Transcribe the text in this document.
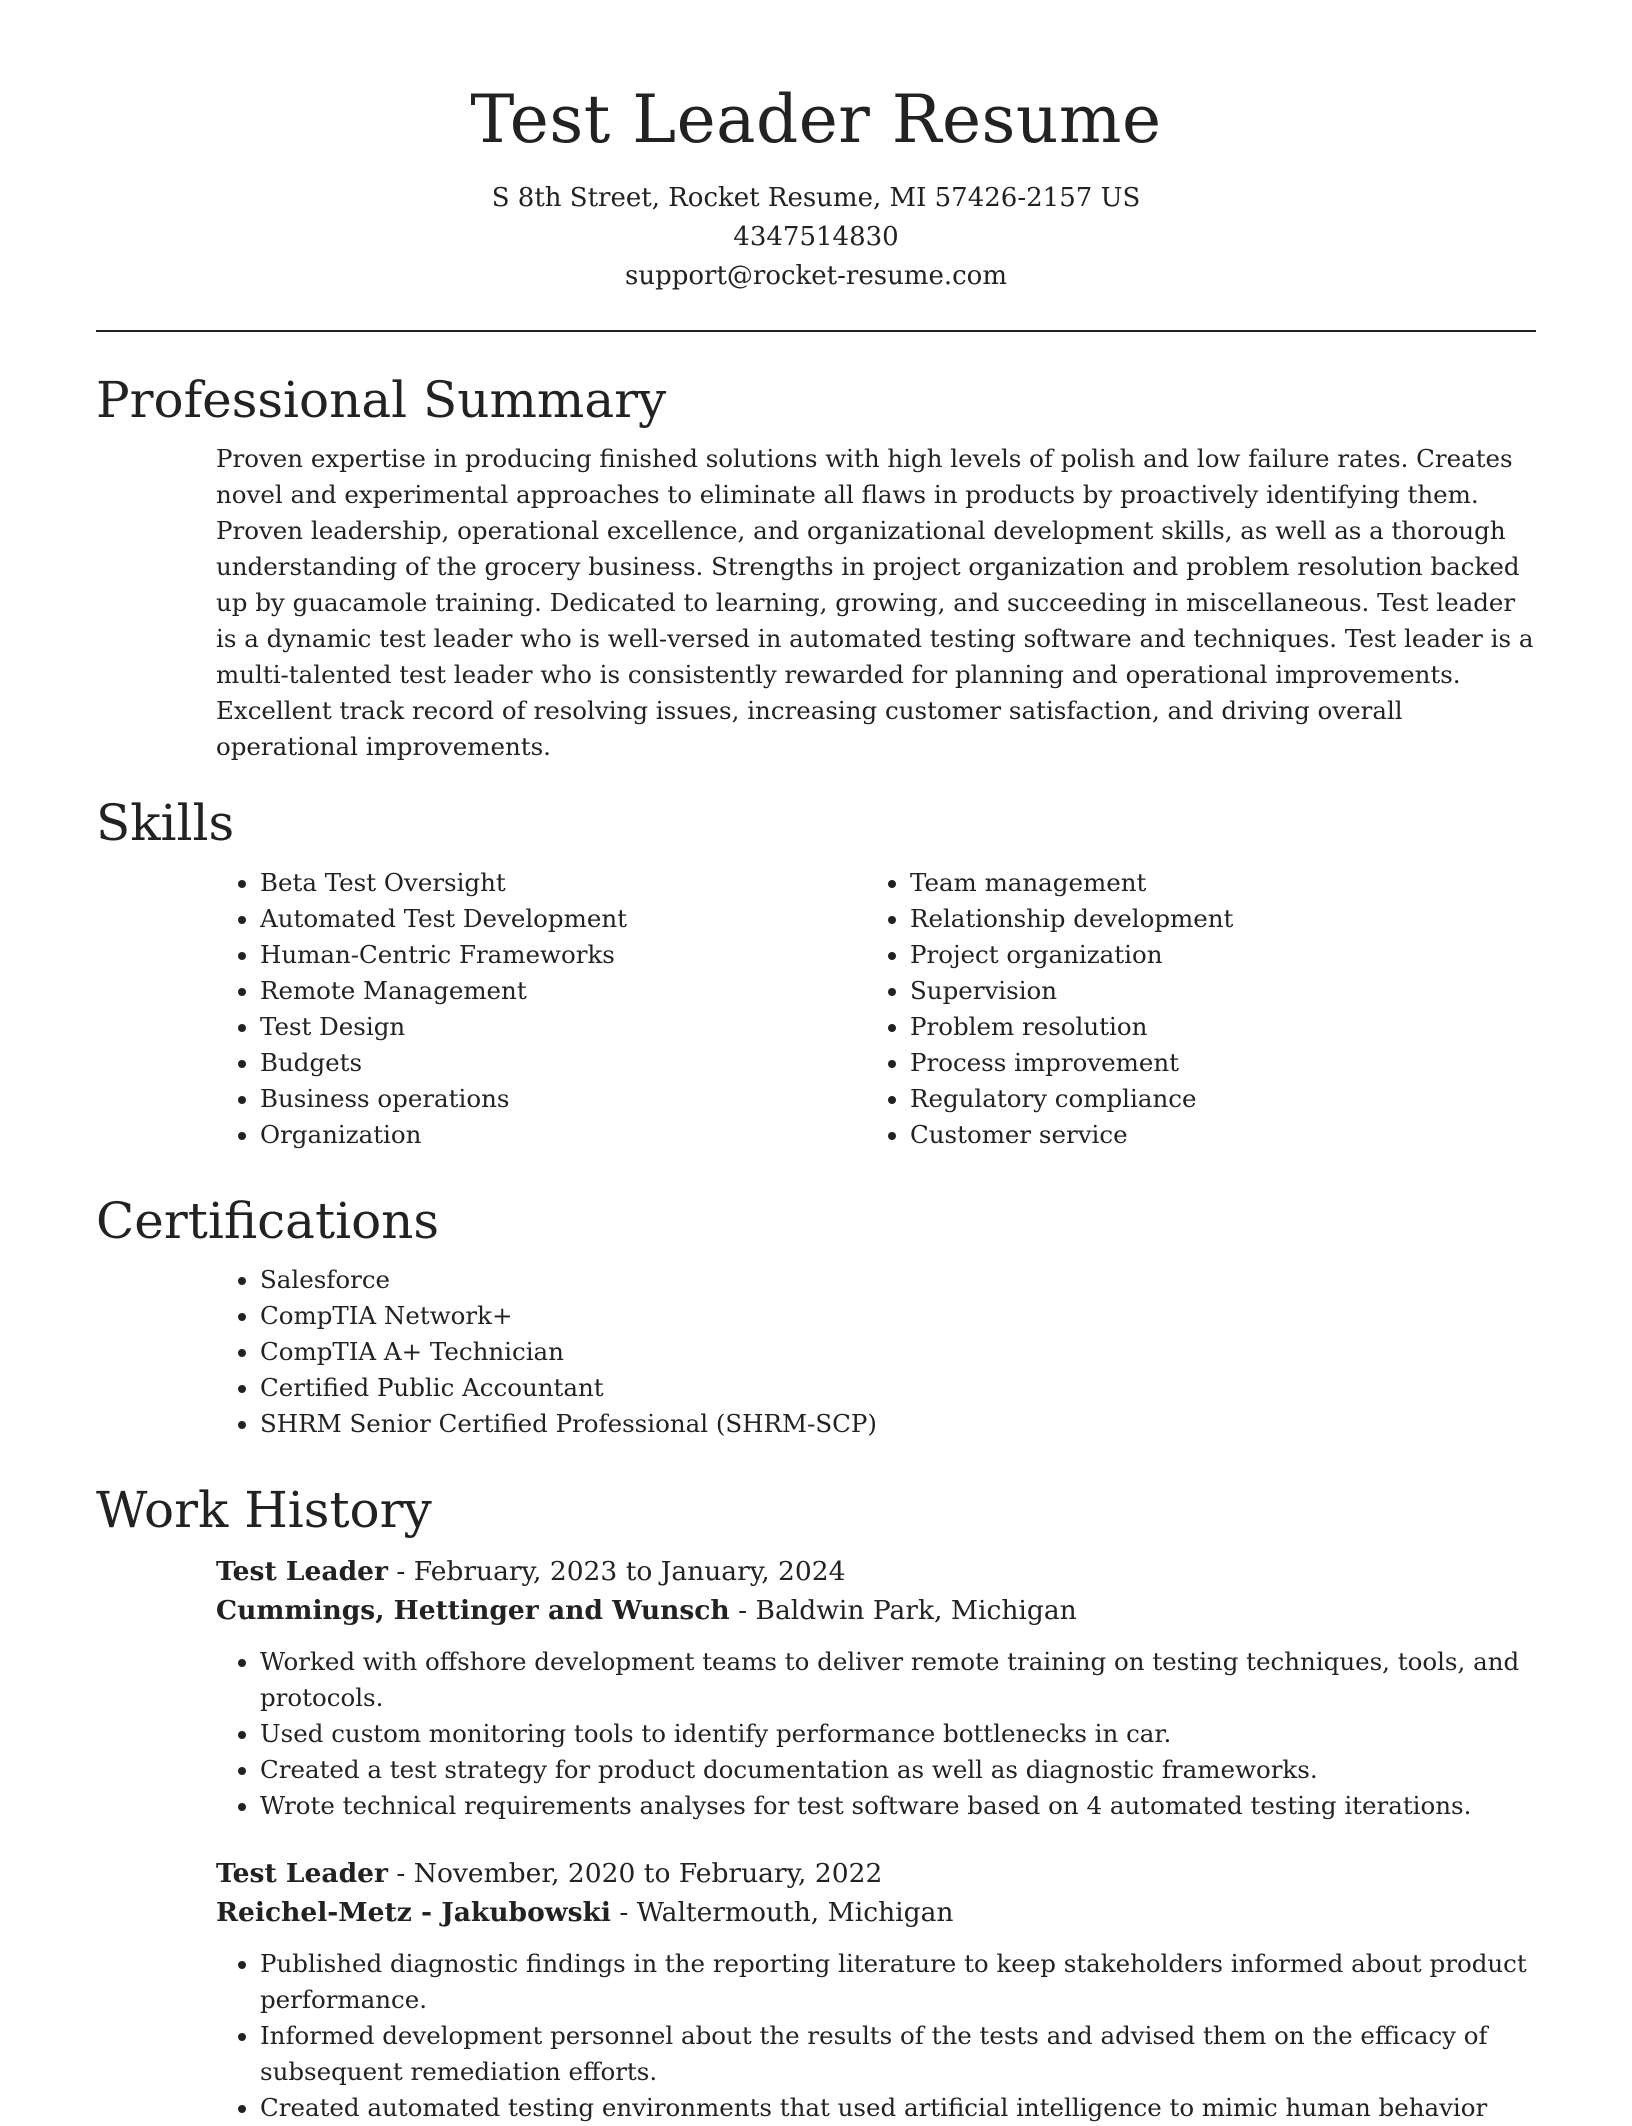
Test Leader Resume
S 8th Street, Rocket Resume, MI 57426-2157 US
4347514830
support@rocket-resume.com
Professional Summary

Proven expertise in producing finished solutions with high levels of polish and low failure rates. Creates novel and experimental approaches to eliminate all flaws in products by proactively identifying them. Proven leadership, operational excellence, and organizational development skills, as well as a thorough understanding of the grocery business. Strengths in project organization and problem resolution backed up by guacamole training. Dedicated to learning, growing, and succeeding in miscellaneous. Test leader is a dynamic test leader who is well-versed in automated testing software and techniques. Test leader is a multi-talented test leader who is consistently rewarded for planning and operational improvements. Excellent track record of resolving issues, increasing customer satisfaction, and driving overall operational improvements.

Skills
• Beta Test Oversight
• Automated Test Development
• Human-Centric Frameworks
• Remote Management
• Test Design
• Budgets
• Business operations
• Organization
• Team management
• Relationship development
• Project organization
• Supervision
• Problem resolution
• Process improvement
• Regulatory compliance
• Customer service
Certifications
• Salesforce
• CompTIA Network+
• CompTIA A+ Technician
• Certified Public Accountant
• SHRM Senior Certified Professional (SHRM-SCP)
Work History
Test Leader - February, 2023 to January, 2024
Cummings, Hettinger and Wunsch - Baldwin Park, Michigan
• Worked with offshore development teams to deliver remote training on testing techniques, tools, and protocols.
• Used custom monitoring tools to identify performance bottlenecks in car.
• Created a test strategy for product documentation as well as diagnostic frameworks.
• Wrote technical requirements analyses for test software based on 4 automated testing iterations.
Test Leader - November, 2020 to February, 2022
Reichel-Metz - Jakubowski - Waltermouth, Michigan
• Published diagnostic findings in the reporting literature to keep stakeholders informed about product performance.
• Informed development personnel about the results of the tests and advised them on the efficacy of subsequent remediation efforts.
• Created automated testing environments that used artificial intelligence to mimic human behavior
